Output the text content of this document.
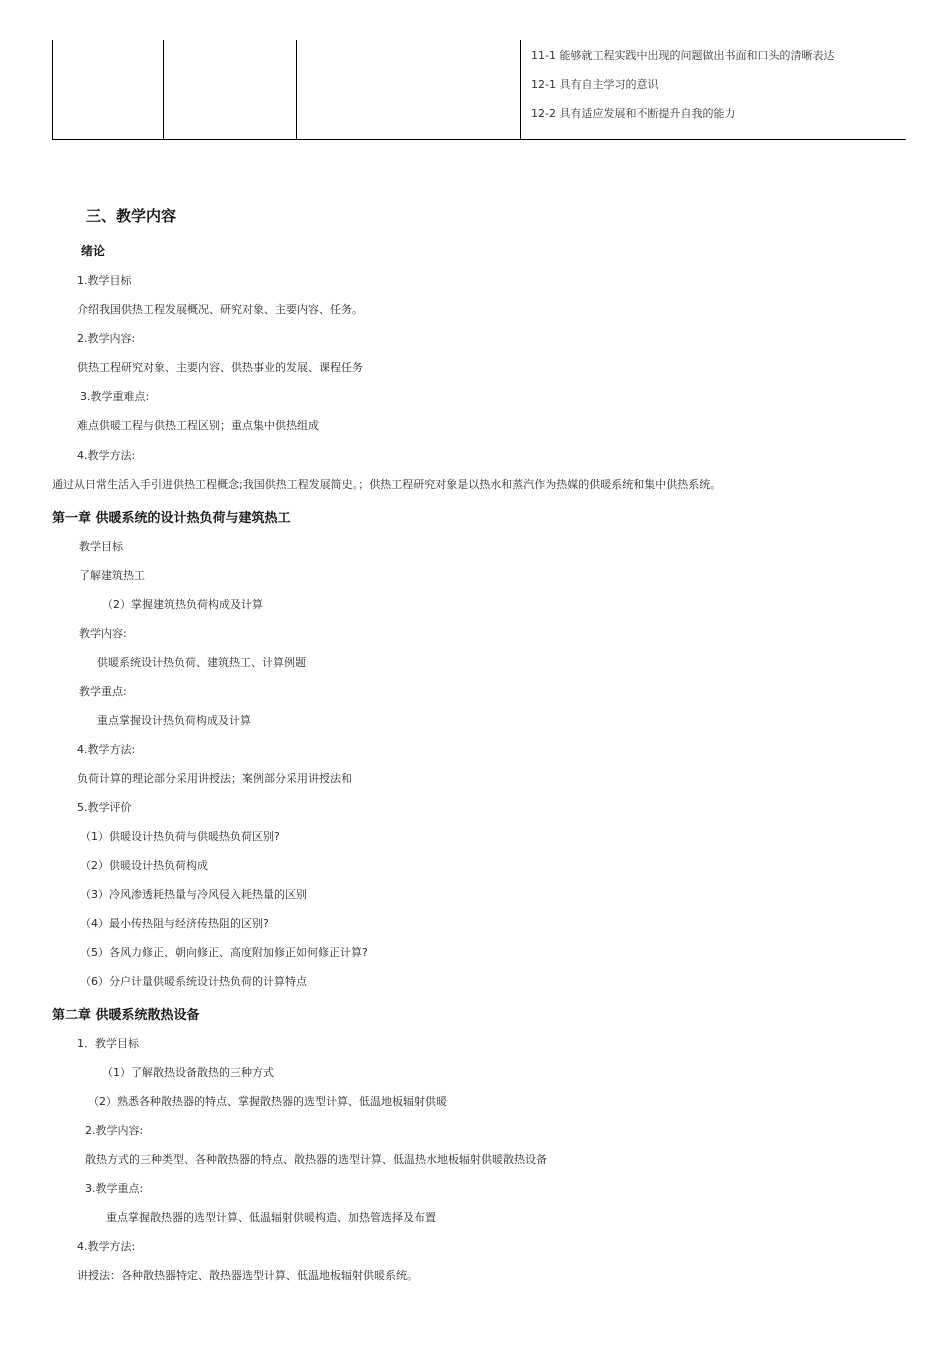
11-1 能够就工程实践中出现的问题做出书面和口头的清晰表达
12-1 具有自主学习的意识
12-2 具有适应发展和不断提升自我的能力
三、教学内容
绪论
1.教学目标
介绍我国供热工程发展概况、研究对象、主要内容、任务。
2.教学内容:
供热工程研究对象、主要内容、供热事业的发展、课程任务
3.教学重难点:
难点供暖工程与供热工程区别；重点集中供热组成
4.教学方法:
通过从日常生活入手引进供热工程概念;我国供热工程发展简史。；供热工程研究对象是以热水和蒸汽作为热媒的供暖系统和集中供热系统。
第一章 供暖系统的设计热负荷与建筑热工
教学目标
了解建筑热工
（2）掌握建筑热负荷构成及计算
教学内容:
供暖系统设计热负荷、建筑热工、计算例题
教学重点:
重点掌握设计热负荷构成及计算
4.教学方法:
负荷计算的理论部分采用讲授法；案例部分采用讲授法和
5.教学评价
（1）供暖设计热负荷与供暖热负荷区别?
（2）供暖设计热负荷构成
（3）冷风渗透耗热量与冷风侵入耗热量的区别
（4）最小传热阻与经济传热阻的区别?
（5）各风力修正、朝向修正、高度附加修正如何修正计算?
（6）分户计量供暖系统设计热负荷的计算特点
第二章 供暖系统散热设备
1．教学目标
（1）了解散热设备散热的三种方式
（2）熟悉各种散热器的特点、掌握散热器的选型计算、低温地板辐射供暖
2.教学内容:
散热方式的三种类型、各种散热器的特点、散热器的选型计算、低温热水地板辐射供暖散热设备
3.教学重点:
重点掌握散热器的选型计算、低温辐射供暖构造、加热管选择及布置
4.教学方法:
讲授法：各种散热器特定、散热器选型计算、低温地板辐射供暖系统。
